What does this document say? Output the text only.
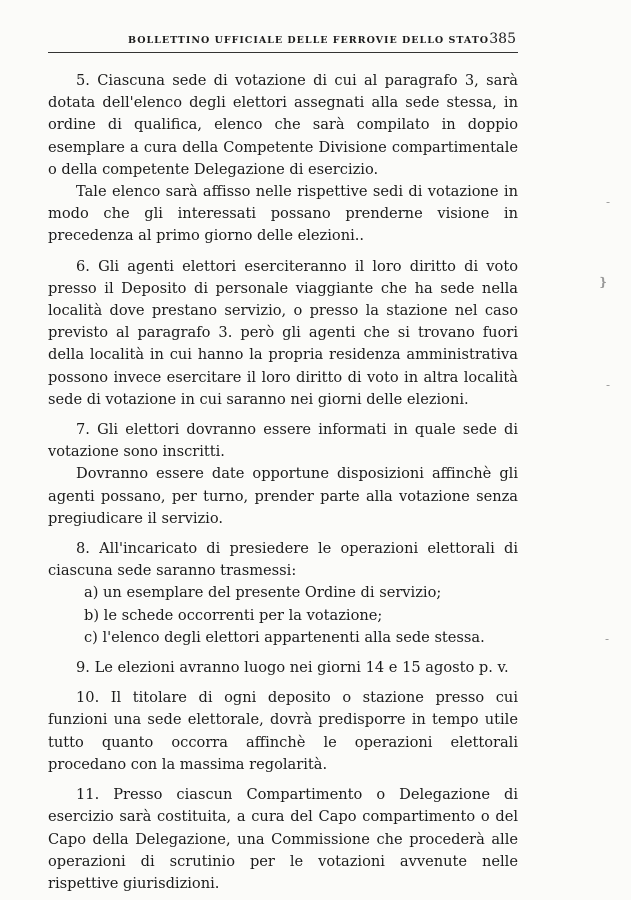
BOLLETTINO UFFICIALE DELLE FERROVIE DELLO STATO 385

5. Ciascuna sede di votazione di cui al paragrafo 3, sarà dotata dell'elenco degli elettori assegnati alla sede stessa, in ordine di qualifica, elenco che sarà compilato in doppio esemplare a cura della Competente Divisione compartimentale o della competente Delegazione di esercizio.

Tale elenco sarà affisso nelle rispettive sedi di votazione in modo che gli interessati possano prenderne visione in precedenza al primo giorno delle elezioni..

6. Gli agenti elettori eserciteranno il loro diritto di voto presso il Deposito di personale viaggiante che ha sede nella località dove prestano servizio, o presso la stazione nel caso previsto al paragrafo 3. però gli agenti che si trovano fuori della località in cui hanno la propria residenza amministrativa possono invece esercitare il loro diritto di voto in altra località sede di votazione in cui saranno nei giorni delle elezioni.

7. Gli elettori dovranno essere informati in quale sede di votazione sono inscritti.

Dovranno essere date opportune disposizioni affinchè gli agenti possano, per turno, prender parte alla votazione senza pregiudicare il servizio.

8. All'incaricato di presiedere le operazioni elettorali di ciascuna sede saranno trasmessi:

a) un esemplare del presente Ordine di servizio;

b) le schede occorrenti per la votazione;

c) l'elenco degli elettori appartenenti alla sede stessa.

9. Le elezioni avranno luogo nei giorni 14 e 15 agosto p. v.

10. Il titolare di ogni deposito o stazione presso cui funzioni una sede elettorale, dovrà predisporre in tempo utile tutto quanto occorra affinchè le operazioni elettorali procedano con la massima regolarità.

11. Presso ciascun Compartimento o Delegazione di esercizio sarà costituita, a cura del Capo compartimento o del Capo della Delegazione, una Commissione che procederà alle operazioni di scrutinio per le votazioni avvenute nelle rispettive giurisdizioni.

❵
-
-
-
